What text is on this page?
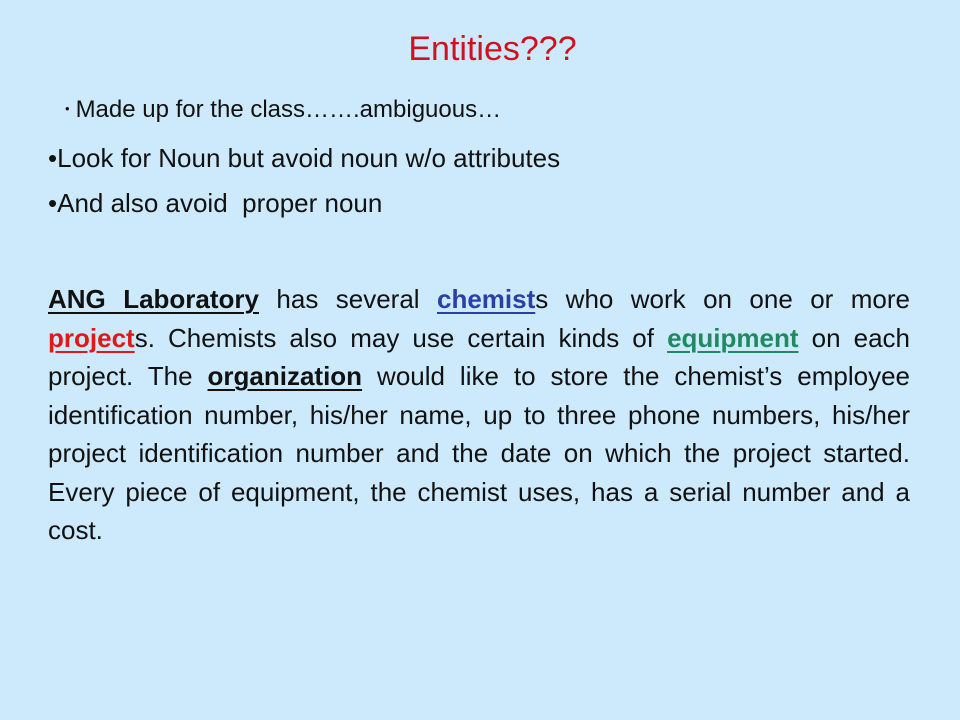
Entities???
• Made up for the class…….ambiguous…
•Look for Noun but avoid noun w/o attributes
•And also avoid  proper noun
ANG Laboratory has several chemists who work on one or more projects. Chemists also may use certain kinds of equipment on each project. The organization would like to store the chemist’s employee identification number, his/her name, up to three phone numbers, his/her project identification number and the date on which the project started. Every piece of equipment, the chemist uses, has a serial number and a cost.
